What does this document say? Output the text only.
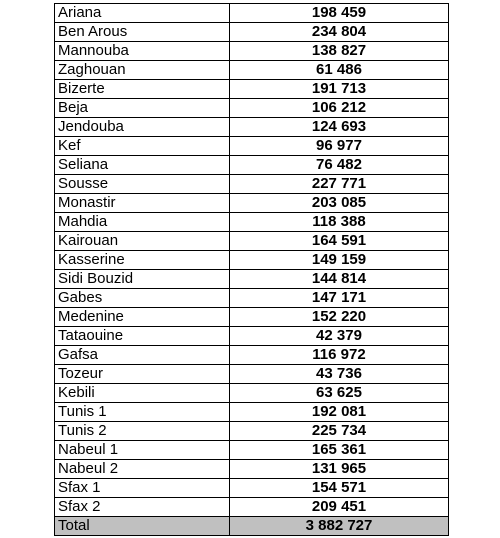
Ariana	198 459
Ben Arous	234 804
Mannouba	138 827
Zaghouan	61 486
Bizerte	191 713
Beja	106 212
Jendouba	124 693
Kef	96 977
Seliana	76 482
Sousse	227 771
Monastir	203 085
Mahdia	118 388
Kairouan	164 591
Kasserine	149 159
Sidi Bouzid	144 814
Gabes	147 171
Medenine	152 220
Tataouine	42 379
Gafsa	116 972
Tozeur	43 736
Kebili	63 625
Tunis 1	192 081
Tunis 2	225 734
Nabeul 1	165 361
Nabeul 2	131 965
Sfax 1	154 571
Sfax 2	209 451
Total	3 882 727
